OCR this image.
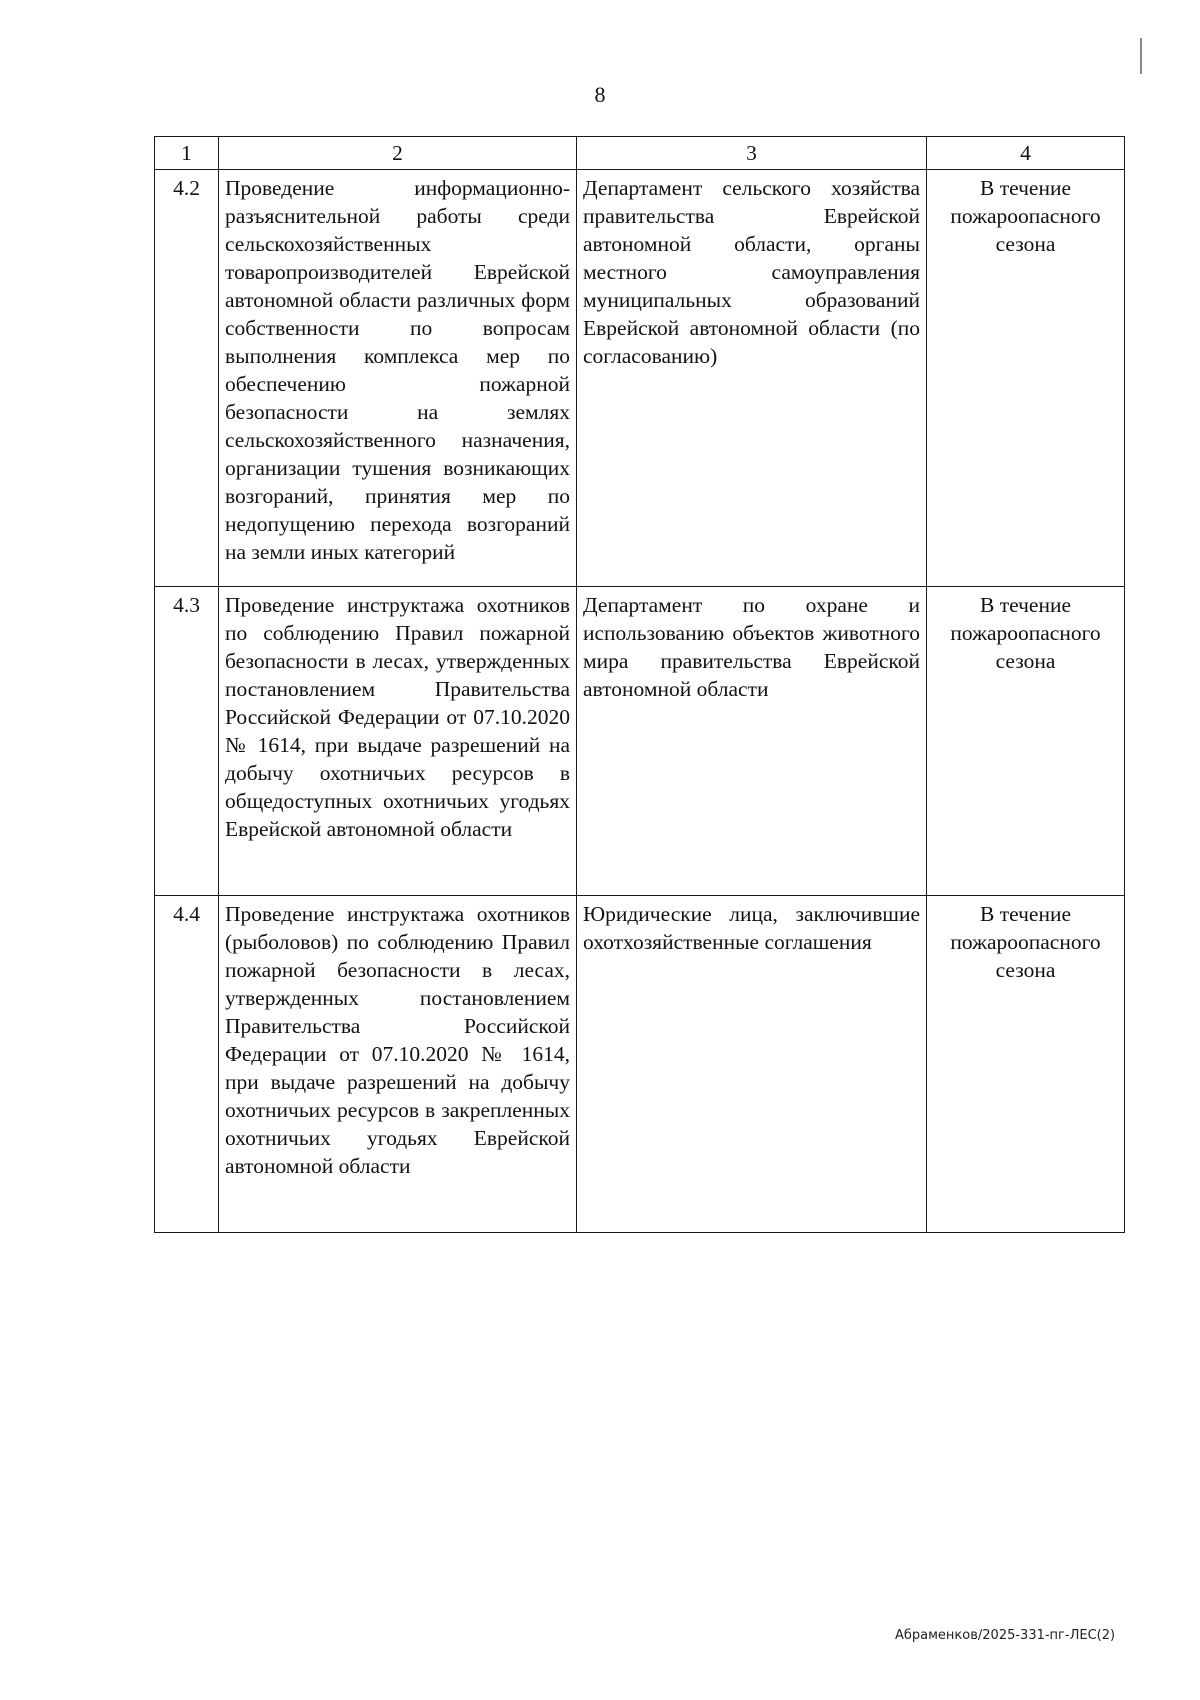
8
1	2	3	4
4.2	Проведение информационно-разъяснительной работы среди сельскохозяйственных товаропроизводителей Еврейской автономной области различных форм собственности по вопросам выполнения комплекса мер по обеспечению пожарной безопасности на землях сельскохозяйственного назначения, организации тушения возникающих возгораний, принятия мер по недопущению перехода возгораний на земли иных категорий	Департамент сельского хозяйства правительства Еврейской автономной области, органы местного самоуправления муниципальных образований Еврейской автономной области (по согласованию)	В течение пожароопасного сезона
4.3	Проведение инструктажа охотников по соблюдению Правил пожарной безопасности в лесах, утвержденных постановлением Правительства Российской Федерации от 07.10.2020 № 1614, при выдаче разрешений на добычу охотничьих ресурсов в общедоступных охотничьих угодьях Еврейской автономной области	Департамент по охране и использованию объектов животного мира правительства Еврейской автономной области	В течение пожароопасного сезона
4.4	Проведение инструктажа охотников (рыболовов) по соблюдению Правил пожарной безопасности в лесах, утвержденных постановлением Правительства Российской Федерации от 07.10.2020 № 1614, при выдаче разрешений на добычу охотничьих ресурсов в закрепленных охотничьих угодьях Еврейской автономной области	Юридические лица, заключившие охотхозяйственные соглашения	В течение пожароопасного сезона
Абраменков/2025-331-пг-ЛЕС(2)
